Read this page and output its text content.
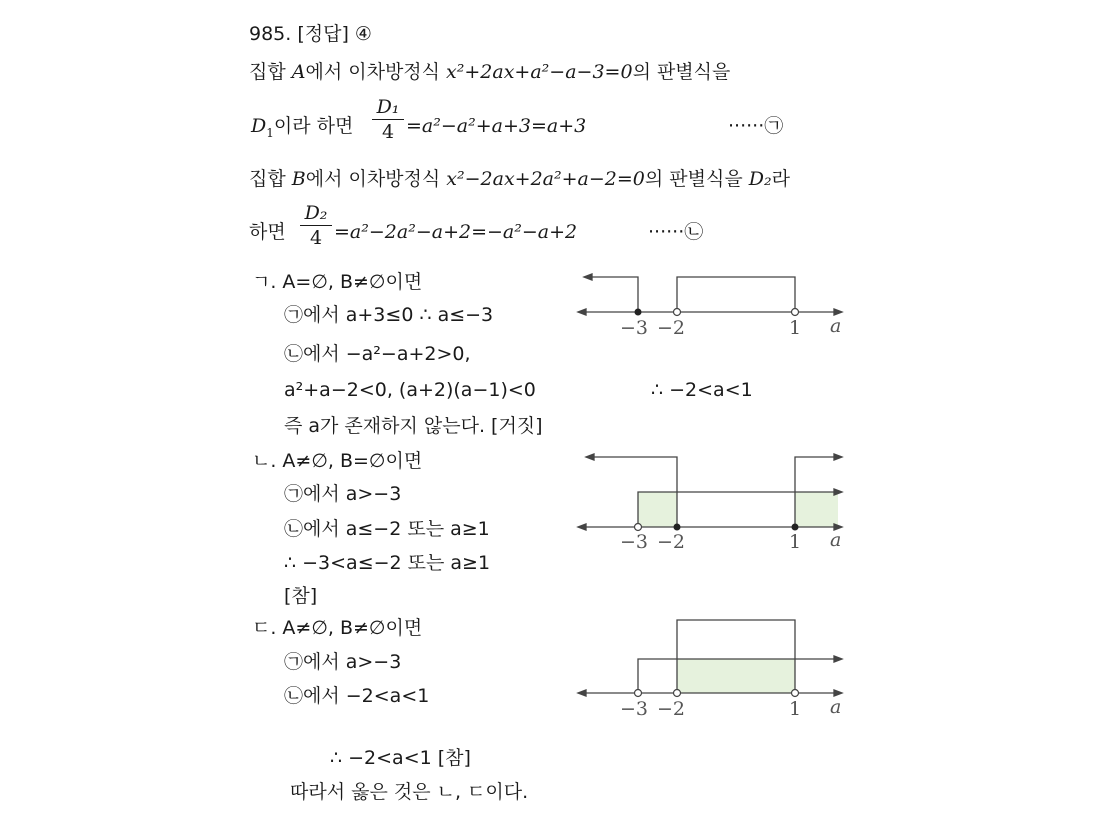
985. [정답] ④
집합 A에서 이차방정식 x²+2ax+a²−a−3=0의 판별식을
$D_1$이라 하면
D₁
4 =a²−a²+a+3=a+3	······㉠
집합 B에서 이차방정식 x²−2ax+2a²+a−2=0의 판별식을 D₂라
하면
D₂
4 =a²−2a²−a+2=−a²−a+2	······㉡
ㄱ. A=∅, B≠∅이면
㉠에서 a+3≤0 ∴ a≤−3
㉡에서 −a²−a+2>0,
a²+a−2<0, (a+2)(a−1)<0	∴ −2<a<1
즉 a가 존재하지 않는다. [거짓]
−3 −2	1 a
ㄴ. A≠∅, B=∅이면
㉠에서 a>−3
㉡에서 a≤−2 또는 a≥1
∴ −3<a≤−2 또는 a≥1
[참]
−3 −2	1 a
ㄷ. A≠∅, B≠∅이면
㉠에서 a>−3
㉡에서 −2<a<1
∴ −2<a<1 [참]
−3 −2	1 a
따라서 옳은 것은 ㄴ, ㄷ이다.
